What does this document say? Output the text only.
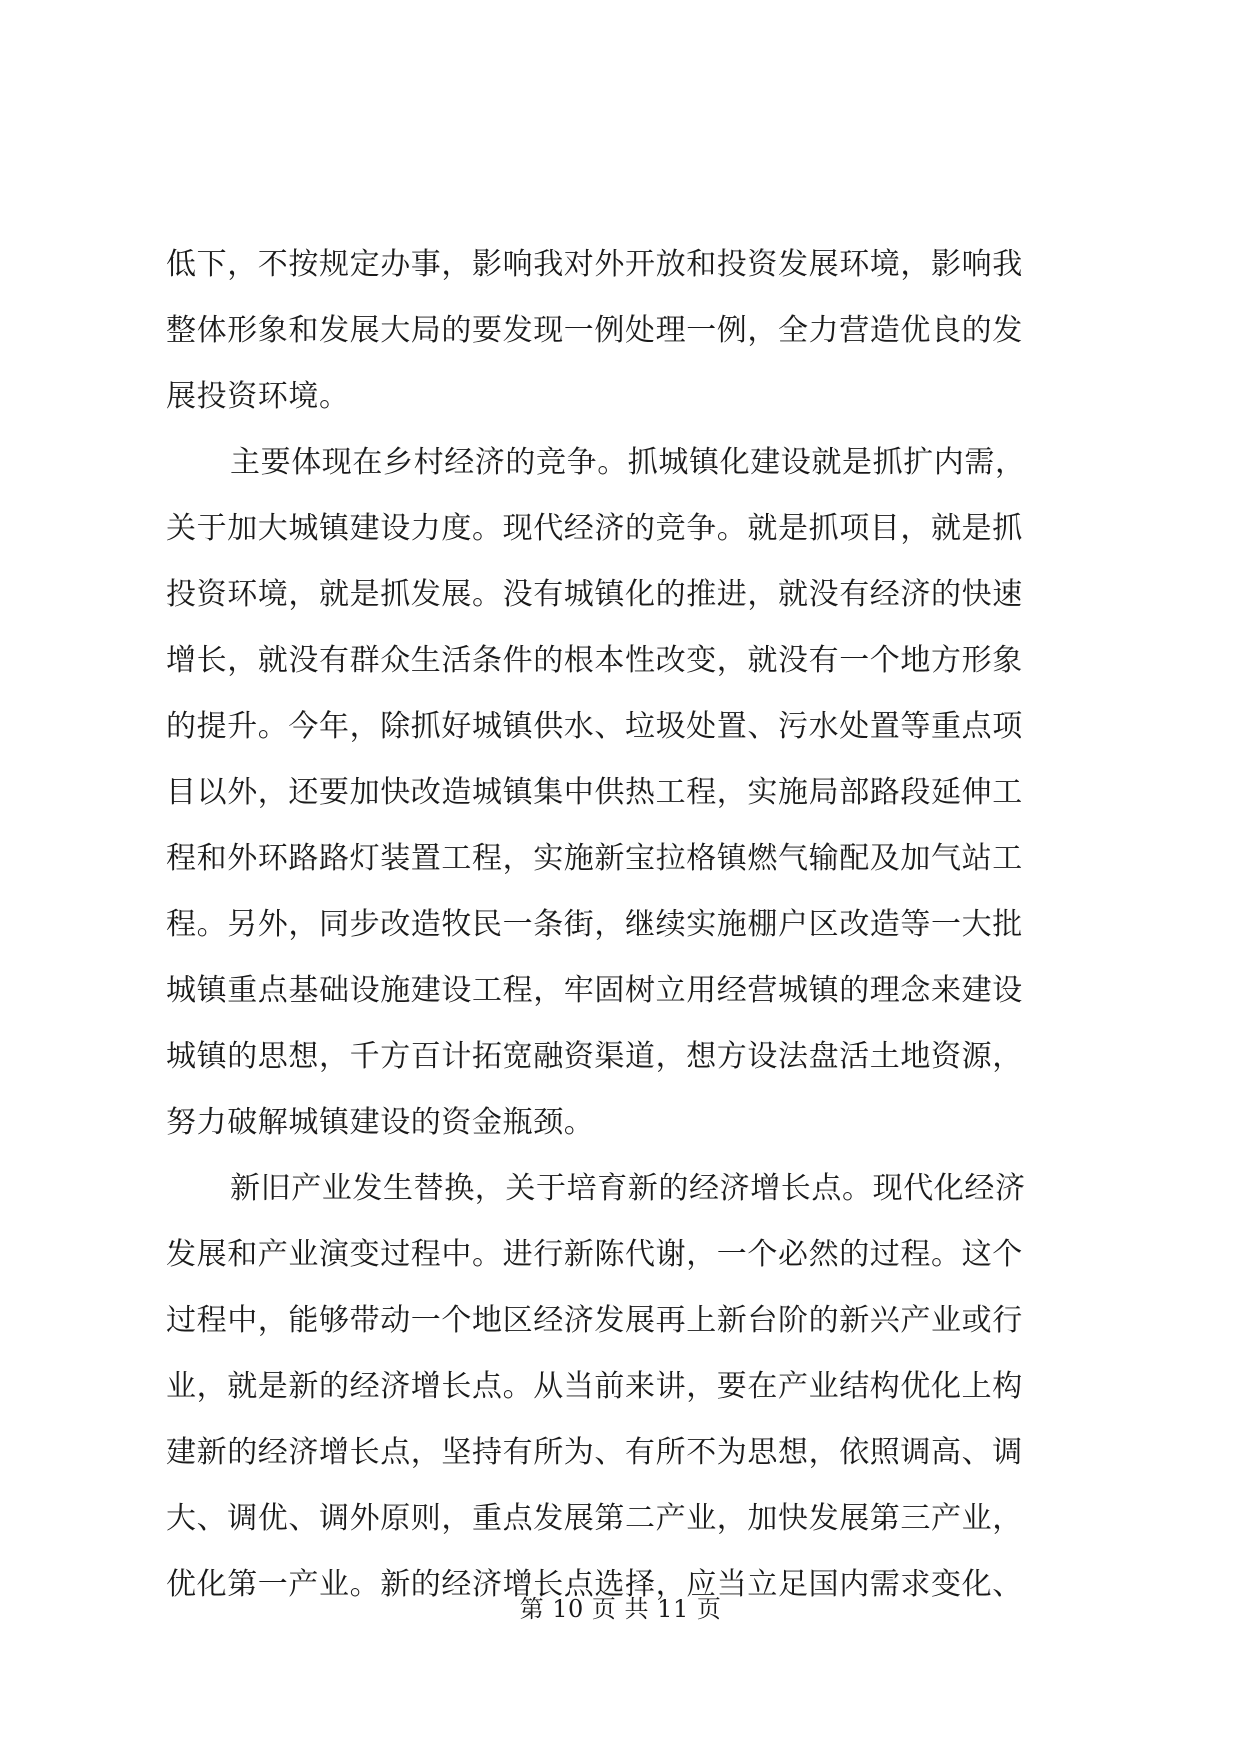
低下，不按规定办事，影响我对外开放和投资发展环境，影响我
整体形象和发展大局的要发现一例处理一例，全力营造优良的发
展投资环境。
主要体现在乡村经济的竞争。抓城镇化建设就是抓扩内需，
关于加大城镇建设力度。现代经济的竞争。就是抓项目，就是抓
投资环境，就是抓发展。没有城镇化的推进，就没有经济的快速
增长，就没有群众生活条件的根本性改变，就没有一个地方形象
的提升。今年，除抓好城镇供水、垃圾处置、污水处置等重点项
目以外，还要加快改造城镇集中供热工程，实施局部路段延伸工
程和外环路路灯装置工程，实施新宝拉格镇燃气输配及加气站工
程。另外，同步改造牧民一条街，继续实施棚户区改造等一大批
城镇重点基础设施建设工程，牢固树立用经营城镇的理念来建设
城镇的思想，千方百计拓宽融资渠道，想方设法盘活土地资源，
努力破解城镇建设的资金瓶颈。
新旧产业发生替换，关于培育新的经济增长点。现代化经济
发展和产业演变过程中。进行新陈代谢，一个必然的过程。这个
过程中，能够带动一个地区经济发展再上新台阶的新兴产业或行
业，就是新的经济增长点。从当前来讲，要在产业结构优化上构
建新的经济增长点，坚持有所为、有所不为思想，依照调高、调
大、调优、调外原则，重点发展第二产业，加快发展第三产业，
优化第一产业。新的经济增长点选择，应当立足国内需求变化、
第 10 页 共 11 页
